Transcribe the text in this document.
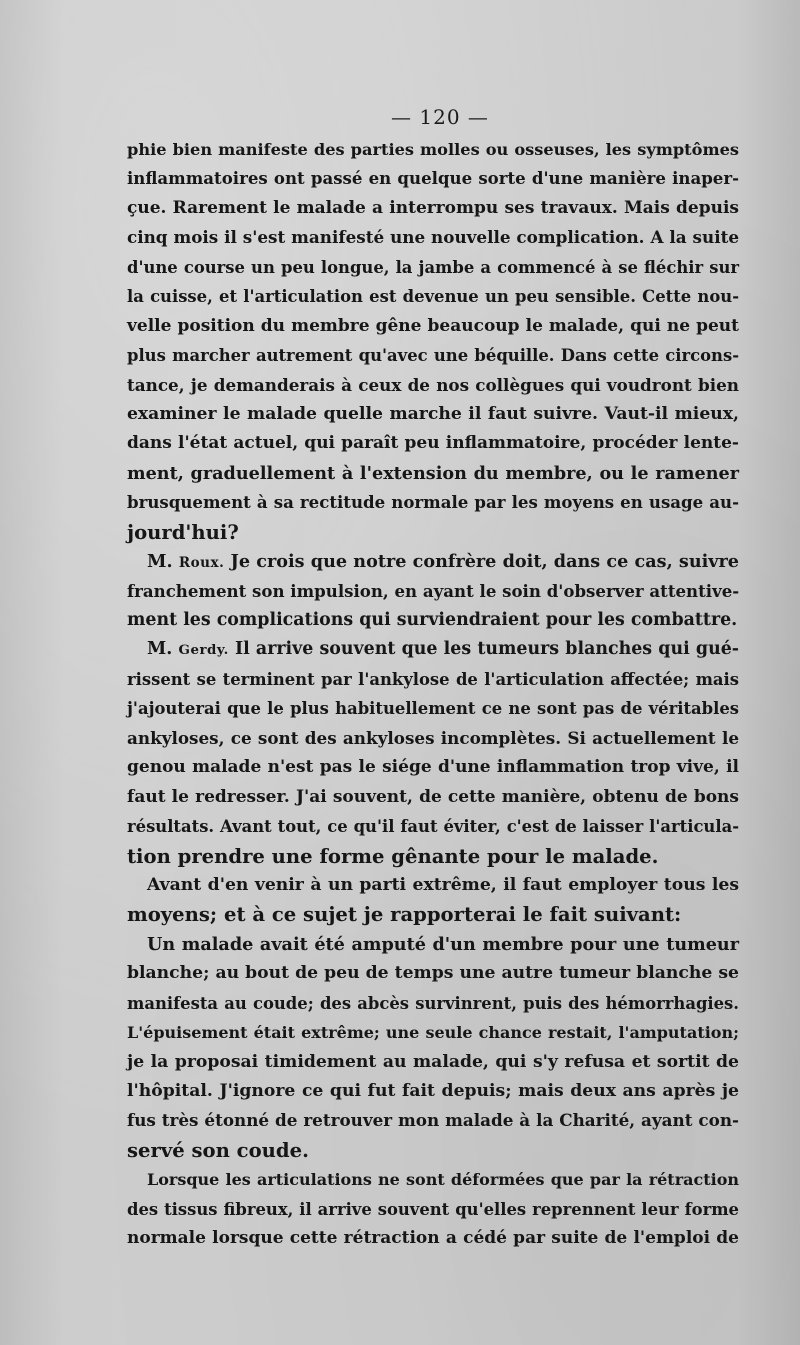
— 120 —
phie bien manifeste des parties molles ou osseuses, les symptômes
inflammatoires ont passé en quelque sorte d'une manière inaper-
çue. Rarement le malade a interrompu ses travaux. Mais depuis
cinq mois il s'est manifesté une nouvelle complication. A la suite
d'une course un peu longue, la jambe a commencé à se fléchir sur
la cuisse, et l'articulation est devenue un peu sensible. Cette nou-
velle position du membre gêne beaucoup le malade, qui ne peut
plus marcher autrement qu'avec une béquille. Dans cette circons-
tance, je demanderais à ceux de nos collègues qui voudront bien
examiner le malade quelle marche il faut suivre. Vaut-il mieux,
dans l'état actuel, qui paraît peu inflammatoire, procéder lente-
ment, graduellement à l'extension du membre, ou le ramener
brusquement à sa rectitude normale par les moyens en usage au-
jourd'hui?
M. Roux. Je crois que notre confrère doit, dans ce cas, suivre
franchement son impulsion, en ayant le soin d'observer attentive-
ment les complications qui surviendraient pour les combattre.
M. Gerdy. Il arrive souvent que les tumeurs blanches qui gué-
rissent se terminent par l'ankylose de l'articulation affectée; mais
j'ajouterai que le plus habituellement ce ne sont pas de véritables
ankyloses, ce sont des ankyloses incomplètes. Si actuellement le
genou malade n'est pas le siége d'une inflammation trop vive, il
faut le redresser. J'ai souvent, de cette manière, obtenu de bons
résultats. Avant tout, ce qu'il faut éviter, c'est de laisser l'articula-
tion prendre une forme gênante pour le malade.
Avant d'en venir à un parti extrême, il faut employer tous les
moyens; et à ce sujet je rapporterai le fait suivant:
Un malade avait été amputé d'un membre pour une tumeur
blanche; au bout de peu de temps une autre tumeur blanche se
manifesta au coude; des abcès survinrent, puis des hémorrhagies.
L'épuisement était extrême; une seule chance restait, l'amputation;
je la proposai timidement au malade, qui s'y refusa et sortit de
l'hôpital. J'ignore ce qui fut fait depuis; mais deux ans après je
fus très étonné de retrouver mon malade à la Charité, ayant con-
servé son coude.
Lorsque les articulations ne sont déformées que par la rétraction
des tissus fibreux, il arrive souvent qu'elles reprennent leur forme
normale lorsque cette rétraction a cédé par suite de l'emploi de
